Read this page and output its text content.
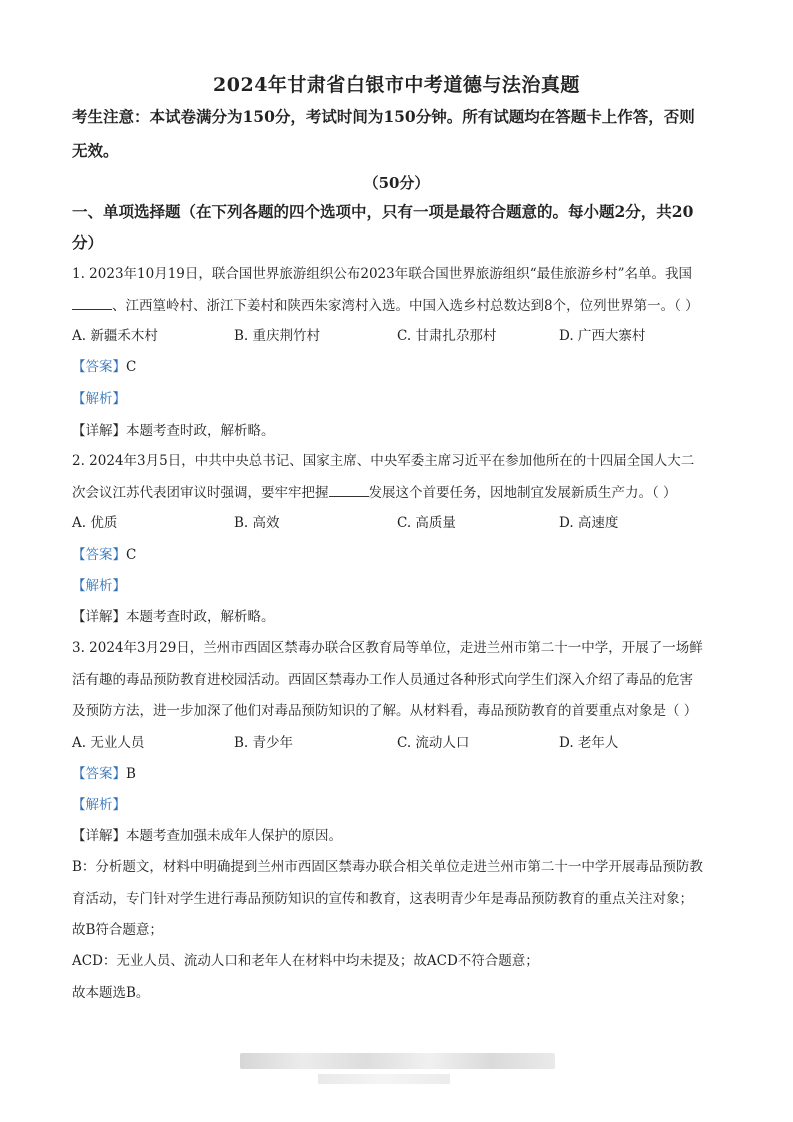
2024年甘肃省白银市中考道德与法治真题
考生注意：本试卷满分为150分，考试时间为150分钟。所有试题均在答题卡上作答，否则
无效。
（50分）
一、单项选择题（在下列各题的四个选项中，只有一项是最符合题意的。每小题2分，共20
分）
1. 2023年10月19日，联合国世界旅游组织公布2023年联合国世界旅游组织“最佳旅游乡村”名单。我国
、江西篁岭村、浙江下姜村和陕西朱家湾村入选。中国入选乡村总数达到8个，位列世界第一。（ ）
A. 新疆禾木村	B. 重庆荆竹村	C. 甘肃扎尕那村	D. 广西大寨村
【答案】C
【解析】
【详解】本题考查时政，解析略。
2. 2024年3月5日，中共中央总书记、国家主席、中央军委主席习近平在参加他所在的十四届全国人大二
次会议江苏代表团审议时强调，要牢牢把握	发展这个首要任务，因地制宜发展新质生产力。（ ）
A. 优质	B. 高效	C. 高质量	D. 高速度
【答案】C
【解析】
【详解】本题考查时政，解析略。
3. 2024年3月29日，兰州市西固区禁毒办联合区教育局等单位，走进兰州市第二十一中学，开展了一场鲜
活有趣的毒品预防教育进校园活动。西固区禁毒办工作人员通过各种形式向学生们深入介绍了毒品的危害
及预防方法，进一步加深了他们对毒品预防知识的了解。从材料看，毒品预防教育的首要重点对象是（ ）
A. 无业人员	B. 青少年	C. 流动人口	D. 老年人
【答案】B
【解析】
【详解】本题考查加强未成年人保护的原因。
B：分析题文，材料中明确提到兰州市西固区禁毒办联合相关单位走进兰州市第二十一中学开展毒品预防教
育活动，专门针对学生进行毒品预防知识的宣传和教育，这表明青少年是毒品预防教育的重点关注对象；
故B符合题意；
ACD：无业人员、流动人口和老年人在材料中均未提及；故ACD不符合题意；
故本题选B。
